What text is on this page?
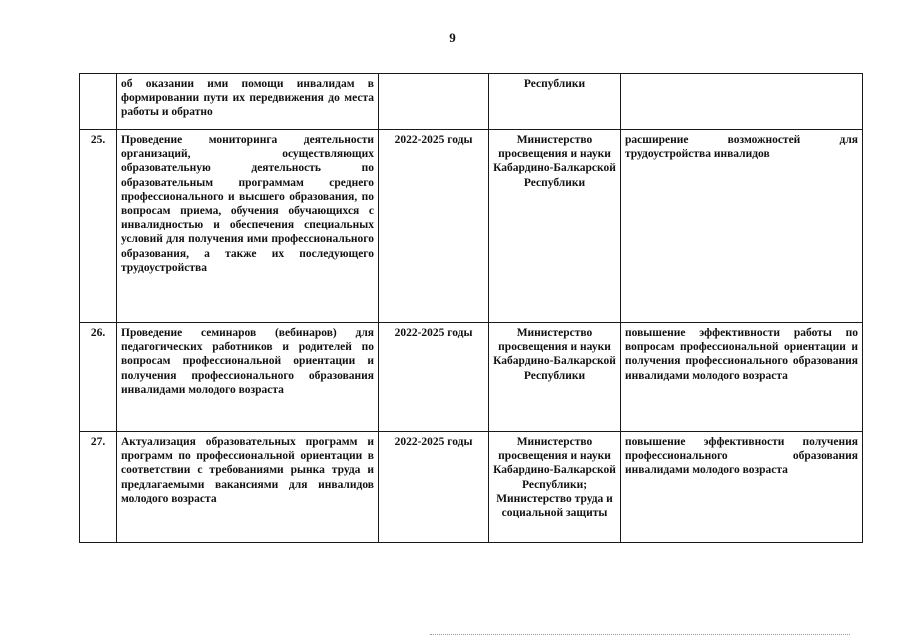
9
	об оказании ими помощи инвалидам в формировании пути их передвижения до места работы и обратно		Республики	
25.	Проведение мониторинга деятельности организаций, осуществляющих образовательную деятельность по образовательным программам среднего профессионального и высшего образования, по вопросам приема, обучения обучающихся с инвалидностью и обеспечения специальных условий для получения ими профессионального образования, а также их последующего трудоустройства	2022-2025 годы	Министерство просвещения и науки Кабардино-Балкарской Республики	расширение возможностей для трудоустройства инвалидов
26.	Проведение семинаров (вебинаров) для педагогических работников и родителей по вопросам профессиональной ориентации и получения профессионального образования инвалидами молодого возраста	2022-2025 годы	Министерство просвещения и науки Кабардино-Балкарской Республики	повышение эффективности работы по вопросам профессиональной ориентации и получения профессионального образования инвалидами молодого возраста
27.	Актуализация образовательных программ и программ по профессиональной ориентации в соответствии с требованиями рынка труда и предлагаемыми вакансиями для инвалидов молодого возраста	2022-2025 годы	Министерство просвещения и науки Кабардино-Балкарской Республики; Министерство труда и социальной защиты	повышение эффективности получения профессионального образования инвалидами молодого возраста
